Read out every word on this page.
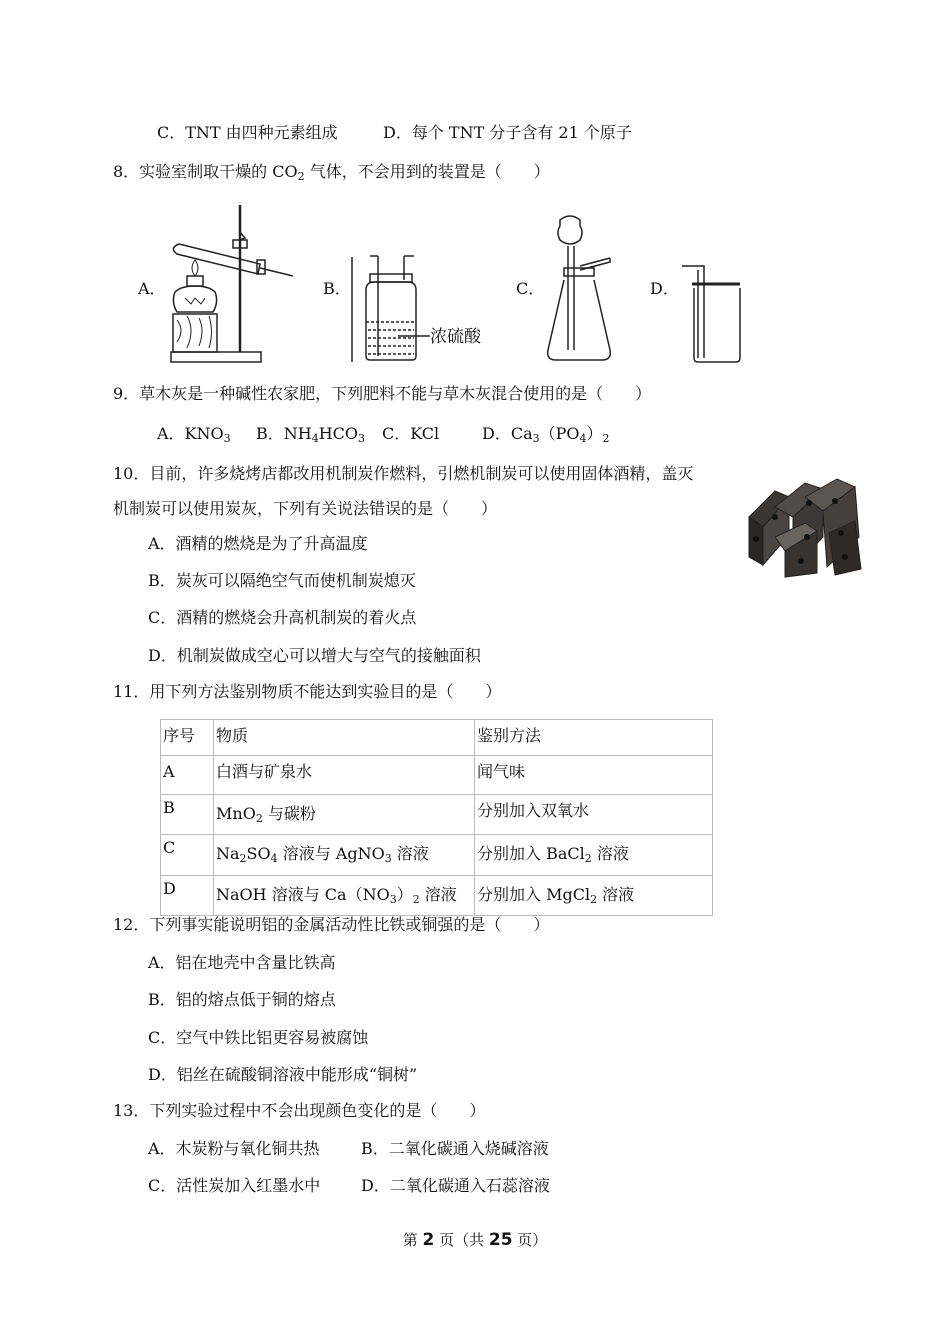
C．TNT 由四种元素组成	D．每个 TNT 分子含有 21 个原子
8．实验室制取干燥的 $CO_2$ 气体，不会用到的装置是（　　）
A．	B．	C．	D．
浓硫酸
9．草木灰是一种碱性农家肥，下列肥料不能与草木灰混合使用的是（　　）
A．$KNO_3$ B．$NH_4HCO_3$ C．KCl	D．$Ca_3(PO_4)_2$
10．目前，许多烧烤店都改用机制炭作燃料，引燃机制炭可以使用固体酒精，盖灭
机制炭可以使用炭灰，下列有关说法错误的是（　　）
A．酒精的燃烧是为了升高温度
B．炭灰可以隔绝空气而使机制炭熄灭
C．酒精的燃烧会升高机制炭的着火点
D．机制炭做成空心可以增大与空气的接触面积
11．用下列方法鉴别物质不能达到实验目的是（　　）
序号	物质	鉴别方法
A	白酒与矿泉水	闻气味
B	MnO$_2$ 与碳粉	分别加入双氧水
C	$Na_2SO_4$ 溶液与 AgNO$_3$ 溶液	分别加入 BaCl$_2$ 溶液
D	NaOH 溶液与 $Ca(NO_3)_2$ 溶液	分别加入 MgCl$_2$ 溶液
12．下列事实能说明铝的金属活动性比铁或铜强的是（　　）
A．铝在地壳中含量比铁高
B．铝的熔点低于铜的熔点
C．空气中铁比铝更容易被腐蚀
D．铝丝在硫酸铜溶液中能形成“铜树”
13．下列实验过程中不会出现颜色变化的是（　　）
A．木炭粉与氧化铜共热	B．二氧化碳通入烧碱溶液
C．活性炭加入红墨水中	D．二氧化碳通入石蕊溶液
第 2 页（共 25 页）
